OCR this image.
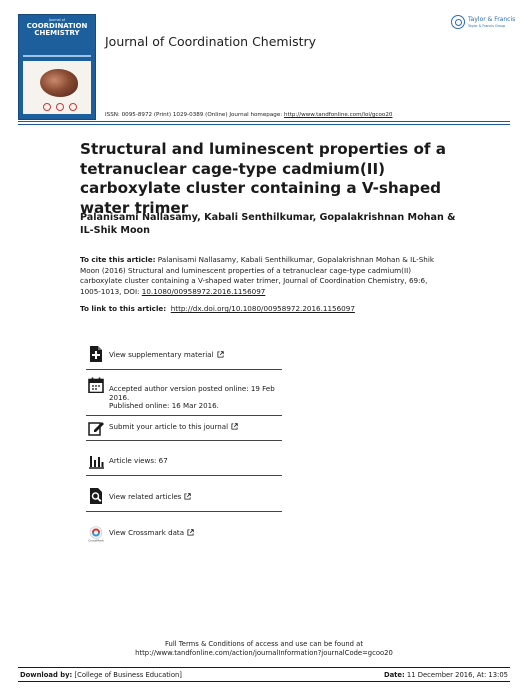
Journal of
COORDINATION
CHEMISTRY
Journal of Coordination Chemistry
Taylor & Francis
Taylor & Francis Group
ISSN: 0095-8972 (Print) 1029-0389 (Online) Journal homepage: http://www.tandfonline.com/loi/gcoo20
Structural and luminescent properties of a tetranuclear cage-type cadmium(II) carboxylate cluster containing a V-shaped water trimer
Palanisami Nallasamy, Kabali Senthilkumar, Gopalakrishnan Mohan & IL-Shik Moon
To cite this article: Palanisami Nallasamy, Kabali Senthilkumar, Gopalakrishnan Mohan & IL-Shik Moon (2016) Structural and luminescent properties of a tetranuclear cage-type cadmium(II) carboxylate cluster containing a V-shaped water trimer, Journal of Coordination Chemistry, 69:6, 1005-1013, DOI: 10.1080/00958972.2016.1156097
To link to this article: http://dx.doi.org/10.1080/00958972.2016.1156097
View supplementary material
Accepted author version posted online: 19 Feb 2016.
Published online: 16 Mar 2016.
Submit your article to this journal
Article views: 67
View related articles
CrossMark
View Crossmark data
Full Terms & Conditions of access and use can be found at
http://www.tandfonline.com/action/journalInformation?journalCode=gcoo20
Download by: [College of Business Education]	Date: 11 December 2016, At: 13:05
